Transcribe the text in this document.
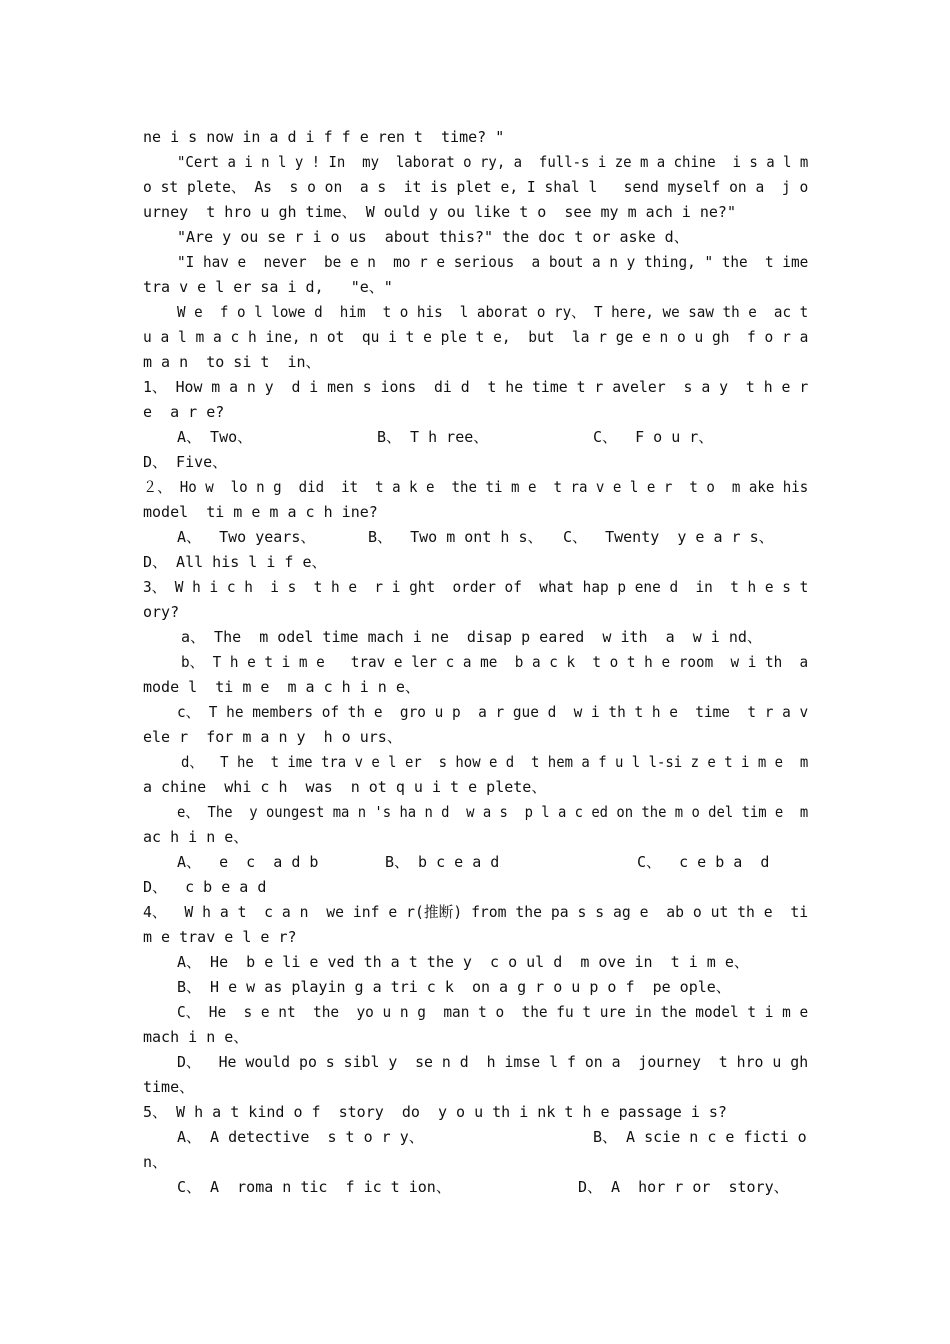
ne i s now in a d i f f e ren t  time? "

"Cert a i n l y ! In  my  laborat o ry, a  full-s i ze m a chine  i s a l m

o st plete、 As  s o on  a s  it is plet e, I shal l   send myself on a  j o

urney  t hro u gh time、 W ould y ou like t o  see my m ach i ne?"

"Are y ou se r i o us  about this?" the doc t or aske d、

"I hav e  never  be e n  mo r e serious  a bout a n y thing, " the  t ime

tra v e l er sa i d,   "e、"

W e  f o l lowe d  him  t o his  l aborat o ry、 T here, we saw th e  ac t

u a l m a c h ine, n ot  qu i t e ple t e,  but  la r ge e n o u gh  f o r a

m a n  to si t  in、

1、 How m a n y  d i men s ions  di d  t he time t r aveler  s a y  t h e r

e  a r e?

A、 Two、	B、 T h ree、	C、  F o u r、

D、 Five、

２、 Ho w  lo n g  did  it  t a k e  the ti m e  t ra v e l e r  t o  m ake his

model  ti m e m a c h ine?

A、  Two years、	B、  Two m ont h s、 C、  Twenty  y e a r s、

D、 All his l i f e、

3、 W h i c h  i s  t h e  r i ght  order of  what hap p ene d  in  t h e s t

ory?

a、 The  m odel time mach i ne  disap p eared  w ith  a  w i nd、

b、 T h e t i m e   trav e ler c a me  b a c k  t o t h e room  w i th  a

mode l  ti m e  m a c h i n e、

c、 T he members of th e  gro u p  a r gue d  w i th t h e  time  t r a v

ele r  for m a n y  h o urs、

d、  T he  t ime tra v e l er  s how e d  t hem a f u l l-si z e t i m e  m

a chine  whi c h  was  n ot q u i t e plete、

e、 The  y oungest ma n 's ha n d  w a s  p l a c ed on the m o del tim e  m

ac h i n e、

A、  e  c  a d b	B、 b c e a d	C、  c e b a  d

D、  c b e a d

4、  W h a t  c a n  we inf e r(推断) from the pa s s ag e  ab o ut th e  ti

m e trav e l e r?

A、 He  b e li e ved th a t the y  c o ul d  m ove in  t i m e、

B、 H e w as playin g a tri c k  on a g r o u p o f  pe ople、

C、 He  s e nt  the  yo u n g  man t o  the fu t ure in the model t i m e

mach i n e、

D、  He would po s sibl y  se n d  h imse l f on a  journey  t hro u gh

time、

5、 W h a t kind o f  story  do  y o u th i nk t h e passage i s?

A、 A detective  s t o r y、	B、 A scie n c e ficti o

n、

C、 A  roma n tic  f ic t ion、	D、 A  hor r or  story、
